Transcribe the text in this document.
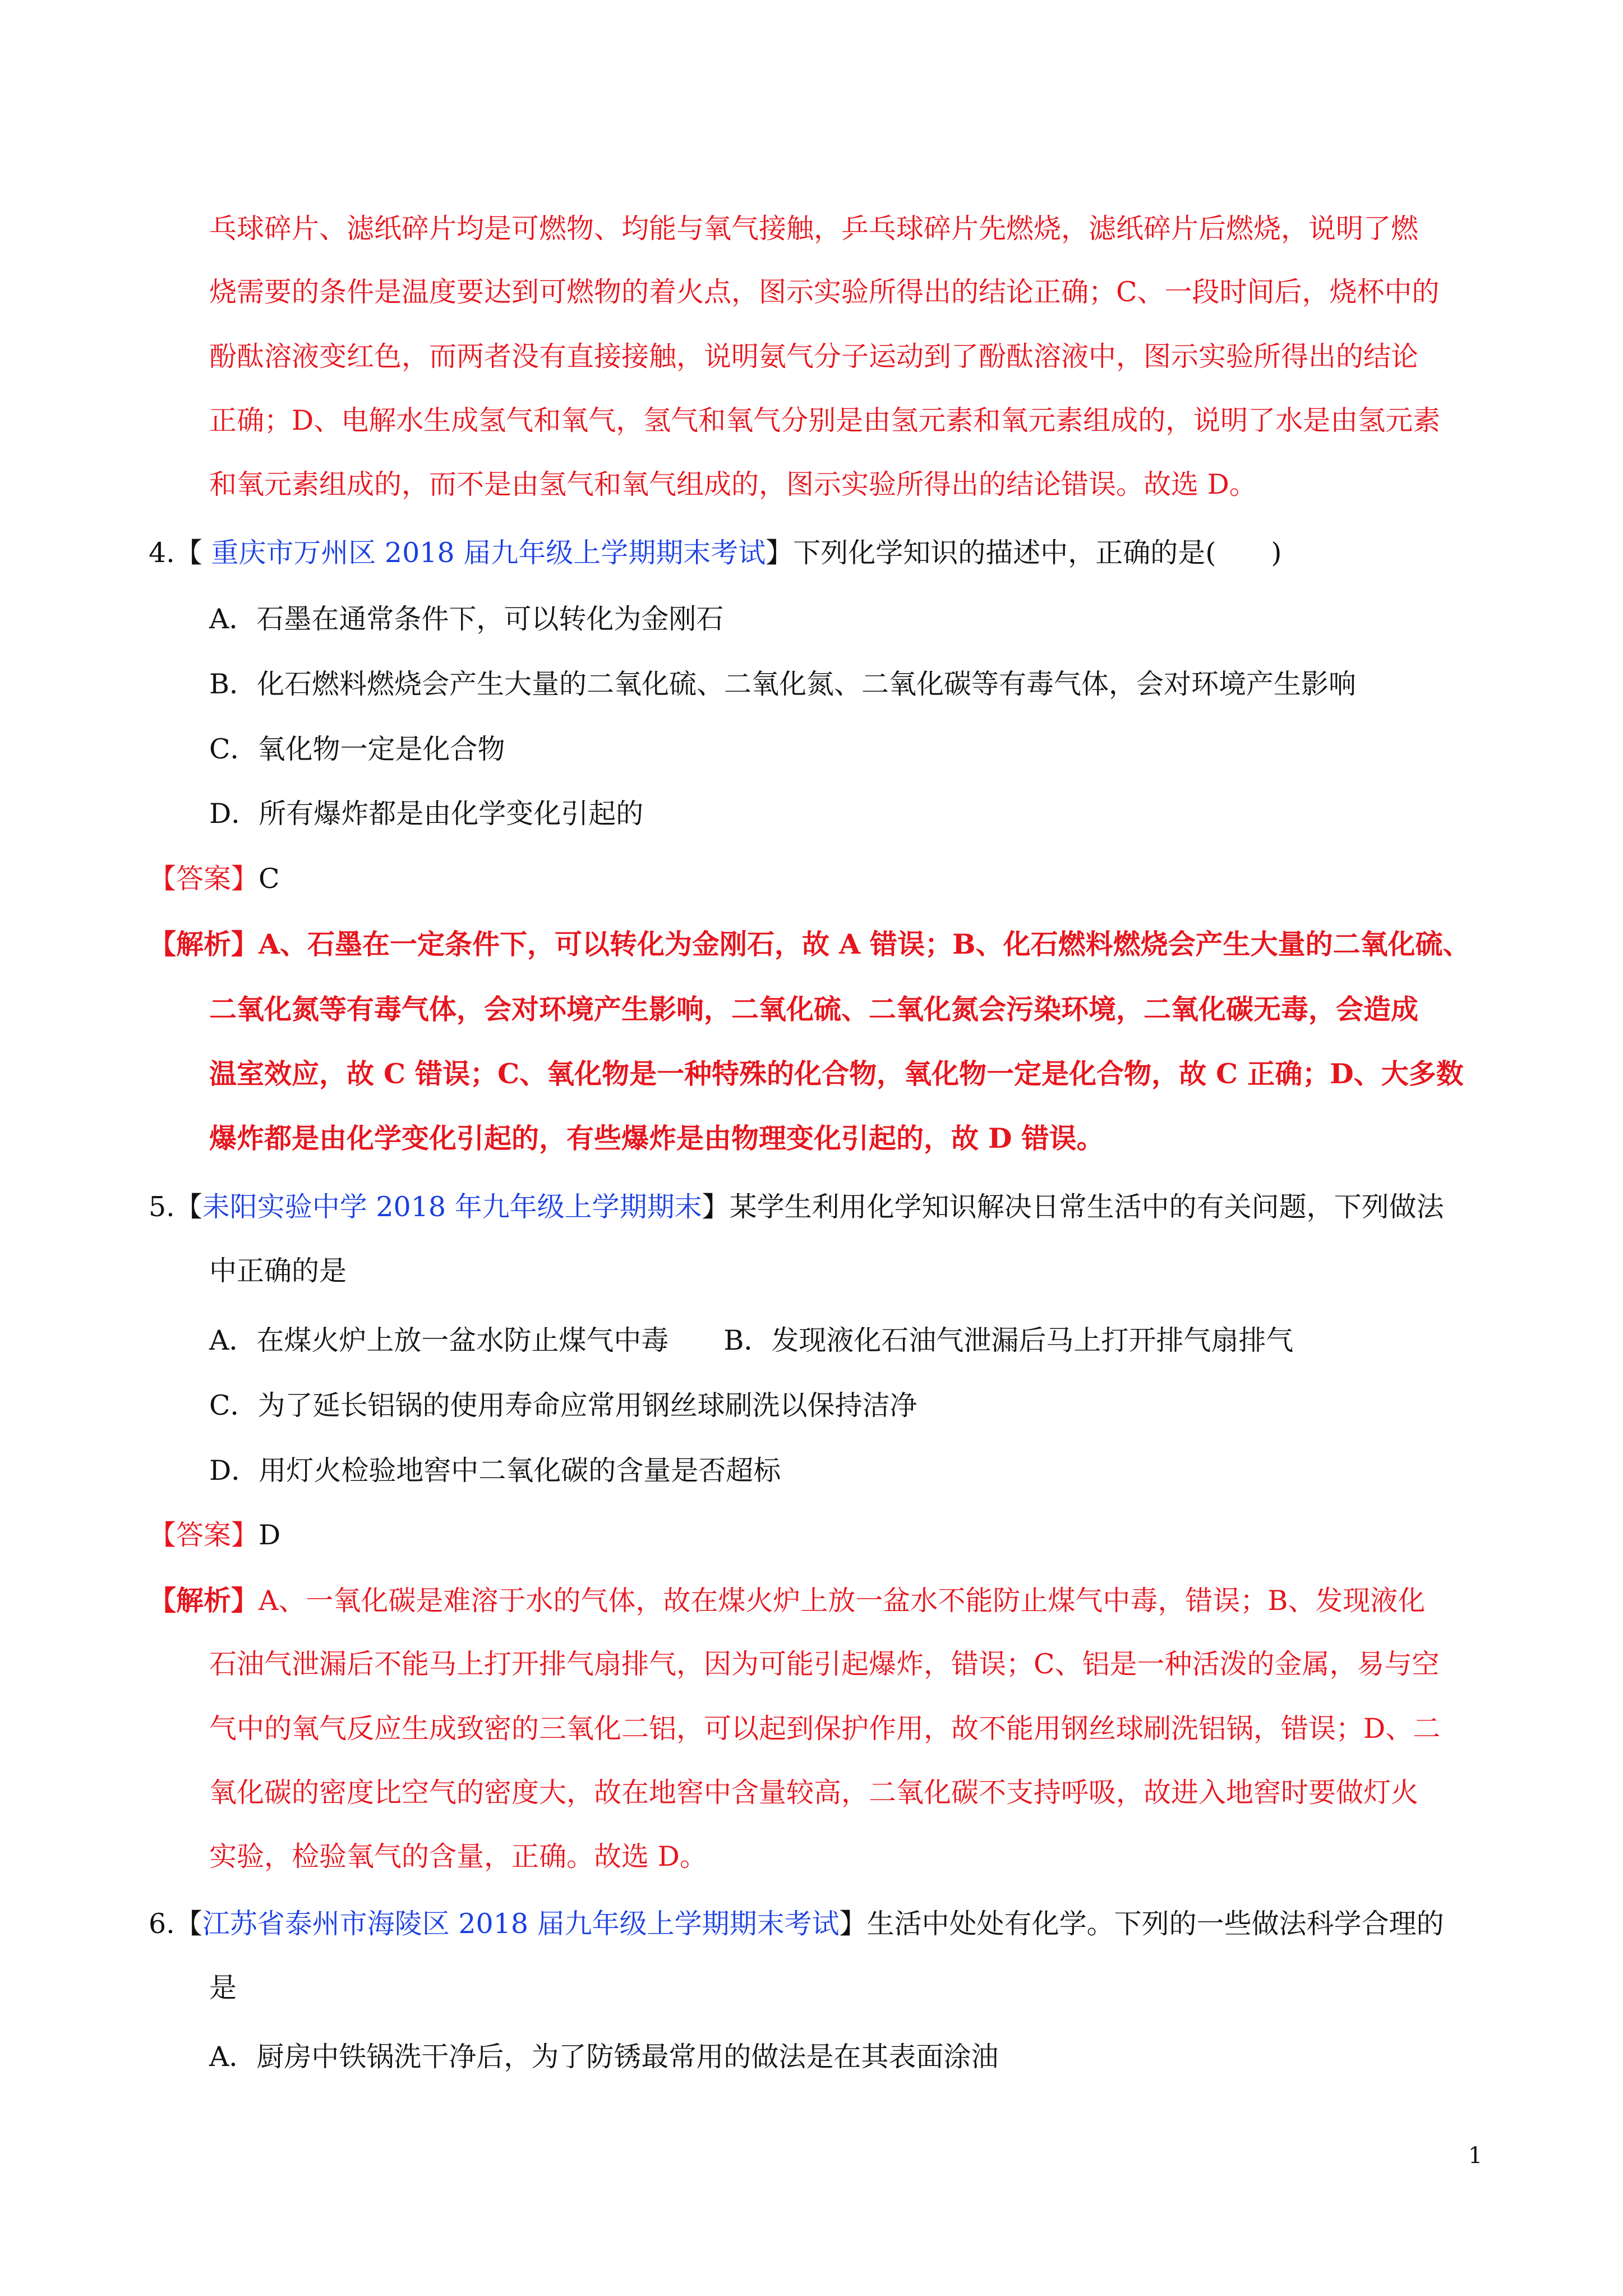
乓球碎片、滤纸碎片均是可燃物、均能与氧气接触，乒乓球碎片先燃烧，滤纸碎片后燃烧，说明了燃
烧需要的条件是温度要达到可燃物的着火点，图示实验所得出的结论正确；C、一段时间后，烧杯中的
酚酞溶液变红色，而两者没有直接接触，说明氨气分子运动到了酚酞溶液中，图示实验所得出的结论
正确；D、电解水生成氢气和氧气，氢气和氧气分别是由氢元素和氧元素组成的，说明了水是由氢元素
和氧元素组成的，而不是由氢气和氧气组成的，图示实验所得出的结论错误。故选 D。
4.【 重庆市万州区 2018 届九年级上学期期末考试】下列化学知识的描述中，正确的是(　　)
A．石墨在通常条件下，可以转化为金刚石
B．化石燃料燃烧会产生大量的二氧化硫、二氧化氮、二氧化碳等有毒气体，会对环境产生影响
C．氧化物一定是化合物
D．所有爆炸都是由化学变化引起的
【答案】C
【解析】A、石墨在一定条件下，可以转化为金刚石，故 A 错误；B、化石燃料燃烧会产生大量的二氧化硫、
二氧化氮等有毒气体，会对环境产生影响，二氧化硫、二氧化氮会污染环境，二氧化碳无毒，会造成
温室效应，故 C 错误；C、氧化物是一种特殊的化合物，氧化物一定是化合物，故 C 正确；D、大多数
爆炸都是由化学变化引起的，有些爆炸是由物理变化引起的，故 D 错误。
5.【耒阳实验中学 2018 年九年级上学期期末】某学生利用化学知识解决日常生活中的有关问题，下列做法
中正确的是
A．在煤火炉上放一盆水防止煤气中毒　　B．发现液化石油气泄漏后马上打开排气扇排气
C．为了延长铝锅的使用寿命应常用钢丝球刷洗以保持洁净
D．用灯火检验地窖中二氧化碳的含量是否超标
【答案】D
【解析】A、一氧化碳是难溶于水的气体，故在煤火炉上放一盆水不能防止煤气中毒，错误；B、发现液化
石油气泄漏后不能马上打开排气扇排气，因为可能引起爆炸，错误；C、铝是一种活泼的金属，易与空
气中的氧气反应生成致密的三氧化二铝，可以起到保护作用，故不能用钢丝球刷洗铝锅，错误；D、二
氧化碳的密度比空气的密度大，故在地窖中含量较高，二氧化碳不支持呼吸，故进入地窖时要做灯火
实验，检验氧气的含量，正确。故选 D。
6.【江苏省泰州市海陵区 2018 届九年级上学期期末考试】生活中处处有化学。下列的一些做法科学合理的
是
A．厨房中铁锅洗干净后，为了防锈最常用的做法是在其表面涂油
1
